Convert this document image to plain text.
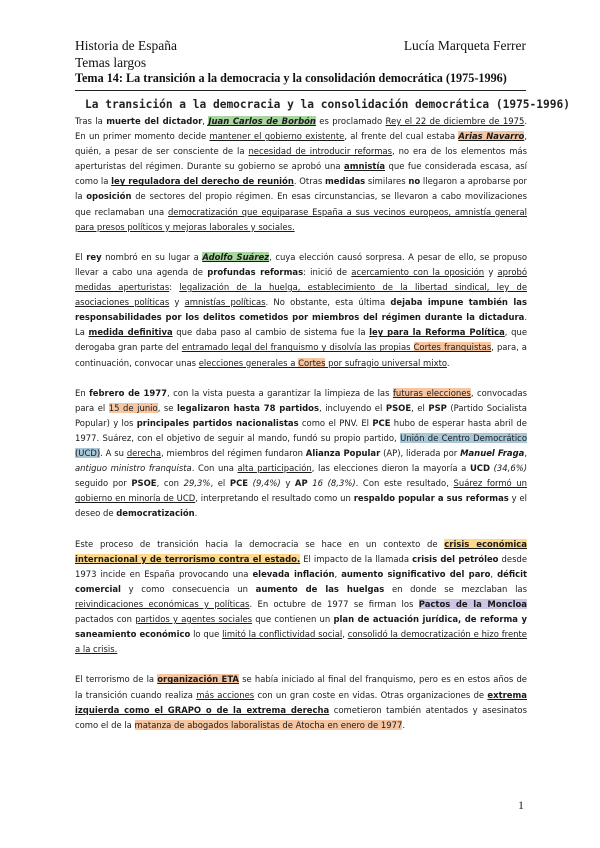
Historia de España	Lucía Marqueta Ferrer
Temas largos
Tema 14: La transición a la democracia y la consolidación democrática (1975-1996)
La transición a la democracia y la consolidación democrática (1975-1996)

Tras la muerte del dictador, Juan Carlos de Borbón es proclamado Rey el 22 de diciembre de 1975. En un primer momento decide mantener el gobierno existente, al frente del cual estaba Arias Navarro, quién, a pesar de ser consciente de la necesidad de introducir reformas, no era de los elementos más aperturistas del régimen. Durante su gobierno se aprobó una amnistía que fue considerada escasa, así como la ley reguladora del derecho de reunión. Otras medidas similares no llegaron a aprobarse por la oposición de sectores del propio régimen. En esas circunstancias, se llevaron a cabo movilizaciones que reclamaban una democratización que equiparase España a sus vecinos europeos, amnistía general para presos políticos y mejoras laborales y sociales.

El rey nombró en su lugar a Adolfo Suárez, cuya elección causó sorpresa. A pesar de ello, se propuso llevar a cabo una agenda de profundas reformas: inició de acercamiento con la oposición y aprobó medidas aperturistas: legalización de la huelga, establecimiento de la libertad sindical, ley de asociaciones políticas y amnistías políticas. No obstante, esta última dejaba impune también las responsabilidades por los delitos cometidos por miembros del régimen durante la dictadura. La medida definitiva que daba paso al cambio de sistema fue la ley para la Reforma Política, que derogaba gran parte del entramado legal del franquismo y disolvía las propias Cortes franquistas, para, a continuación, convocar unas elecciones generales a Cortes por sufragio universal mixto.

En febrero de 1977, con la vista puesta a garantizar la limpieza de las futuras elecciones, convocadas para el 15 de junio, se legalizaron hasta 78 partidos, incluyendo el PSOE, el PSP (Partido Socialista Popular) y los principales partidos nacionalistas como el PNV. El PCE hubo de esperar hasta abril de 1977. Suárez, con el objetivo de seguir al mando, fundó su propio partido, Unión de Centro Democrático (UCD). A su derecha, miembros del régimen fundaron Alianza Popular (AP), liderada por Manuel Fraga, antiguo ministro franquista. Con una alta participación, las elecciones dieron la mayoría a UCD (34,6%) seguido por PSOE, con 29,3%, el PCE (9,4%) y AP 16 (8,3%). Con este resultado, Suárez formó un gobierno en minoría de UCD, interpretando el resultado como un respaldo popular a sus reformas y el deseo de democratización.

Este proceso de transición hacia la democracia se hace en un contexto de crisis económica internacional y de terrorismo contra el estado. El impacto de la llamada crisis del petróleo desde 1973 incide en España provocando una elevada inflación, aumento significativo del paro, déficit comercial y como consecuencia un aumento de las huelgas en donde se mezclaban las reivindicaciones económicas y políticas. En octubre de 1977 se firman los Pactos de la Moncloa pactados con partidos y agentes sociales que contienen un plan de actuación jurídica, de reforma y saneamiento económico lo que limitó la conflictividad social, consolidó la democratización e hizo frente a la crisis.

El terrorismo de la organización ETA se había iniciado al final del franquismo, pero es en estos años de la transición cuando realiza más acciones con un gran coste en vidas. Otras organizaciones de extrema izquierda como el GRAPO o de la extrema derecha cometieron también atentados y asesinatos como el de la matanza de abogados laboralistas de Atocha en enero de 1977.

1
